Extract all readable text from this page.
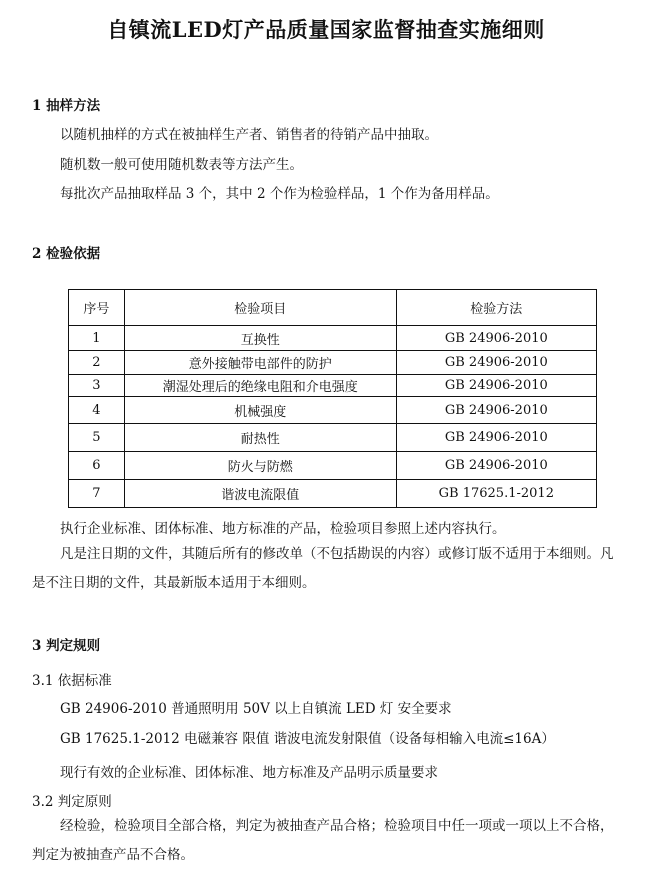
自镇流LED灯产品质量国家监督抽查实施细则
1 抽样方法
以随机抽样的方式在被抽样生产者、销售者的待销产品中抽取。
随机数一般可使用随机数表等方法产生。
每批次产品抽取样品 3 个，其中 2 个作为检验样品，1 个作为备用样品。
2 检验依据
序号	检验项目	检验方法
1	互换性	GB 24906-2010
2	意外接触带电部件的防护	GB 24906-2010
3	潮湿处理后的绝缘电阻和介电强度	GB 24906-2010
4	机械强度	GB 24906-2010
5	耐热性	GB 24906-2010
6	防火与防燃	GB 24906-2010
7	谐波电流限值	GB 17625.1-2012
执行企业标准、团体标准、地方标准的产品，检验项目参照上述内容执行。
凡是注日期的文件，其随后所有的修改单（不包括勘误的内容）或修订版不适用于本细则。凡是不注日期的文件，其最新版本适用于本细则。
3 判定规则
3.1 依据标准
GB 24906-2010 普通照明用 50V 以上自镇流 LED 灯 安全要求
GB 17625.1-2012 电磁兼容 限值 谐波电流发射限值（设备每相输入电流≤16A）
现行有效的企业标准、团体标准、地方标准及产品明示质量要求
3.2 判定原则
经检验，检验项目全部合格，判定为被抽查产品合格；检验项目中任一项或一项以上不合格，判定为被抽查产品不合格。
